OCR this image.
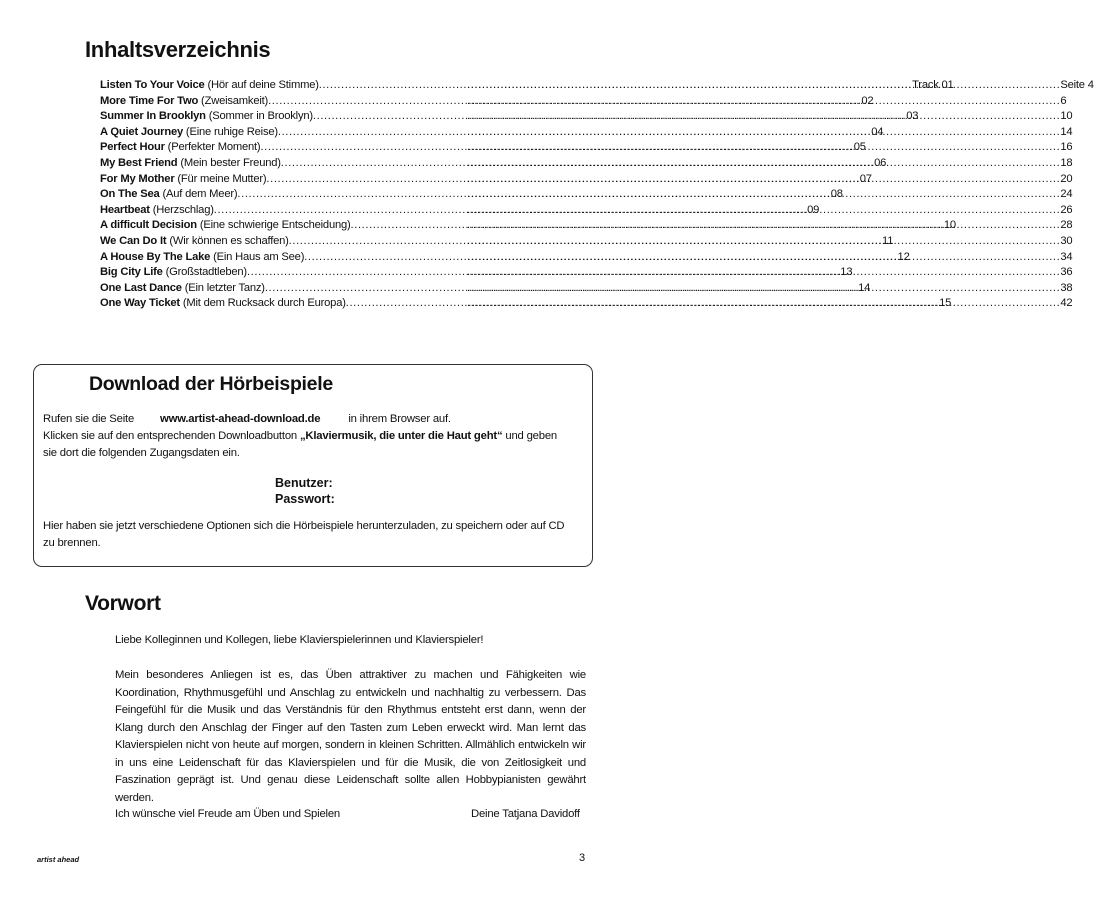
Inhaltsverzeichnis
Listen To Your Voice (Hör auf deine Stimme) .....	Track 01 .....	Seite 4
More Time For Two (Zweisamkeit) .....	02 .....	6
Summer In Brooklyn (Sommer in Brooklyn) .....	03 .....	10
A Quiet Journey (Eine ruhige Reise) .....	04 .....	14
Perfect Hour (Perfekter Moment) .....	05 .....	16
My Best Friend (Mein bester Freund) .....	06 .....	18
For My Mother (Für meine Mutter) .....	07 .....	20
On The Sea (Auf dem Meer) .....	08 .....	24
Heartbeat (Herzschlag) .....	09 .....	26
A difficult Decision (Eine schwierige Entscheidung) .....	10 .....	28
We Can Do It (Wir können es schaffen) .....	11 .....	30
A House By The Lake (Ein Haus am See) .....	12 .....	34
Big City Life (Großstadtleben) .....	13 .....	36
One Last Dance (Ein letzter Tanz) .....	14 .....	38
One Way Ticket (Mit dem Rucksack durch Europa) .....	15 .....	42
Download der Hörbeispiele
Rufen sie die Seite www.artist-ahead-download.de in ihrem Browser auf.
Klicken sie auf den entsprechenden Downloadbutton „Klaviermusik, die unter die Haut geht“ und geben
sie dort die folgenden Zugangsdaten ein.
Benutzer:
Passwort:
Hier haben sie jetzt verschiedene Optionen sich die Hörbeispiele herunterzuladen, zu speichern oder auf CD
zu brennen.
Vorwort
Liebe Kolleginnen und Kollegen, liebe Klavierspielerinnen und Klavierspieler!
Mein besonderes Anliegen ist es, das Üben attraktiver zu machen und Fähigkeiten wie Koordination, Rhythmusgefühl und Anschlag zu entwickeln und nachhaltig zu verbessern. Das Feingefühl für die Musik und das Verständnis für den Rhythmus entsteht erst dann, wenn der Klang durch den Anschlag der Finger auf den Tasten zum Leben erweckt wird. Man lernt das Klavierspielen nicht von heute auf morgen, sondern in kleinen Schritten. Allmählich entwickeln wir in uns eine Leidenschaft für das Klavierspielen und für die Musik, die von Zeitlosigkeit und Faszination geprägt ist. Und genau diese Leidenschaft sollte allen Hobbypianisten gewährt werden.
Ich wünsche viel Freude am Üben und Spielen	Deine Tatjana Davidoff
artist ahead	3
